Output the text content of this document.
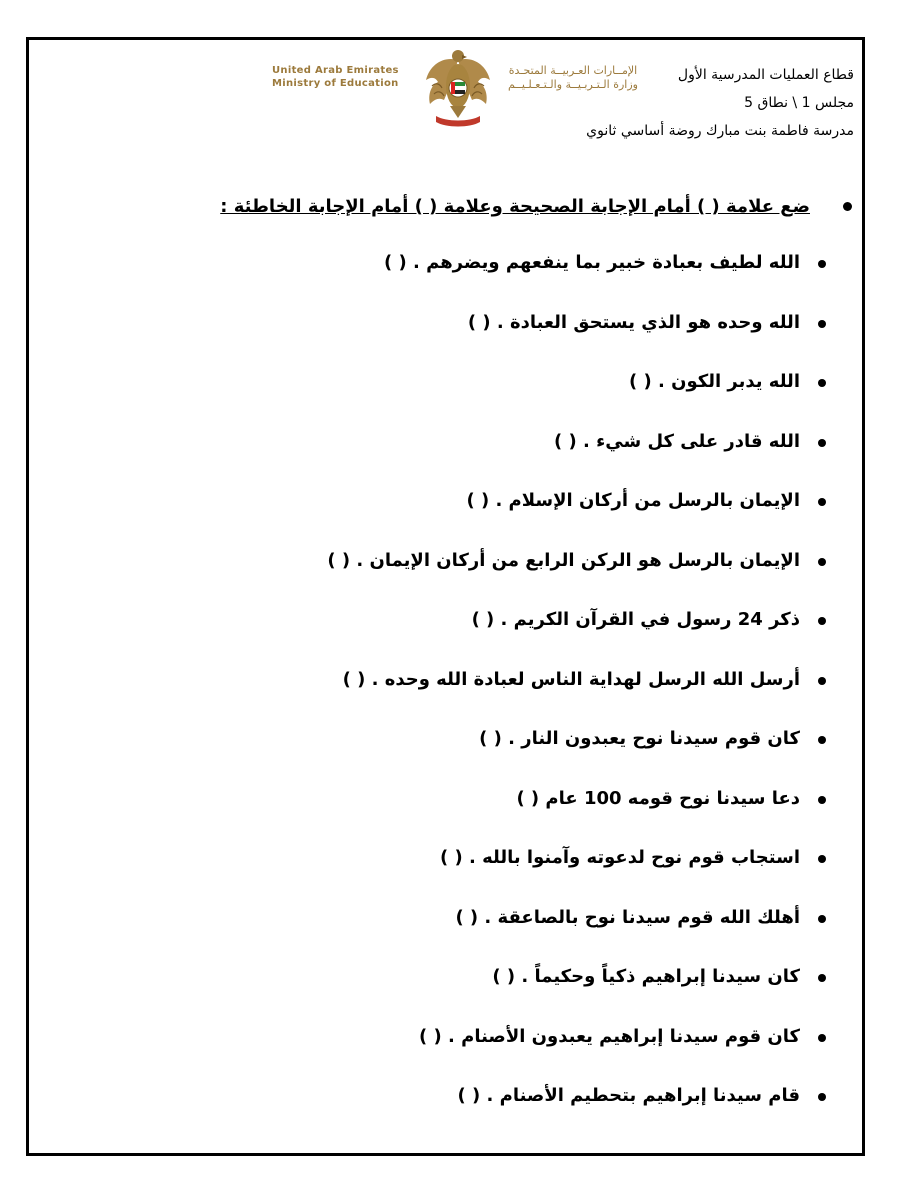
قطاع العمليات المدرسية الأول
مجلس 1 \ نطاق 5
مدرسة فاطمة بنت مبارك روضة أساسي ثانوي
الإمــارات العـربيــة المتحـدة
وزارة الـتـربـيــة والـتـعـلـيــم
United Arab Emirates
Ministry of Education
ضع علامة ( ) أمام الإجابة الصحيحة وعلامة ( ) أمام الإجابة الخاطئة :
الله لطيف بعبادة خبير بما ينفعهم ويضرهم . ( )
الله وحده هو الذي يستحق العبادة . ( )
الله يدبر الكون . ( )
الله قادر على كل شيء . ( )
الإيمان بالرسل من أركان الإسلام . ( )
الإيمان بالرسل هو الركن الرابع من أركان الإيمان . ( )
ذكر 24 رسول في القرآن الكريم . ( )
أرسل الله الرسل لهداية الناس لعبادة الله وحده . ( )
كان قوم سيدنا نوح يعبدون النار . ( )
دعا سيدنا نوح قومه 100 عام ( )
استجاب قوم نوح لدعوته وآمنوا بالله . ( )
أهلك الله قوم سيدنا نوح بالصاعقة . ( )
كان سيدنا إبراهيم ذكياً وحكيماً . ( )
كان قوم سيدنا إبراهيم يعبدون الأصنام . ( )
قام سيدنا إبراهيم بتحطيم الأصنام . ( )
